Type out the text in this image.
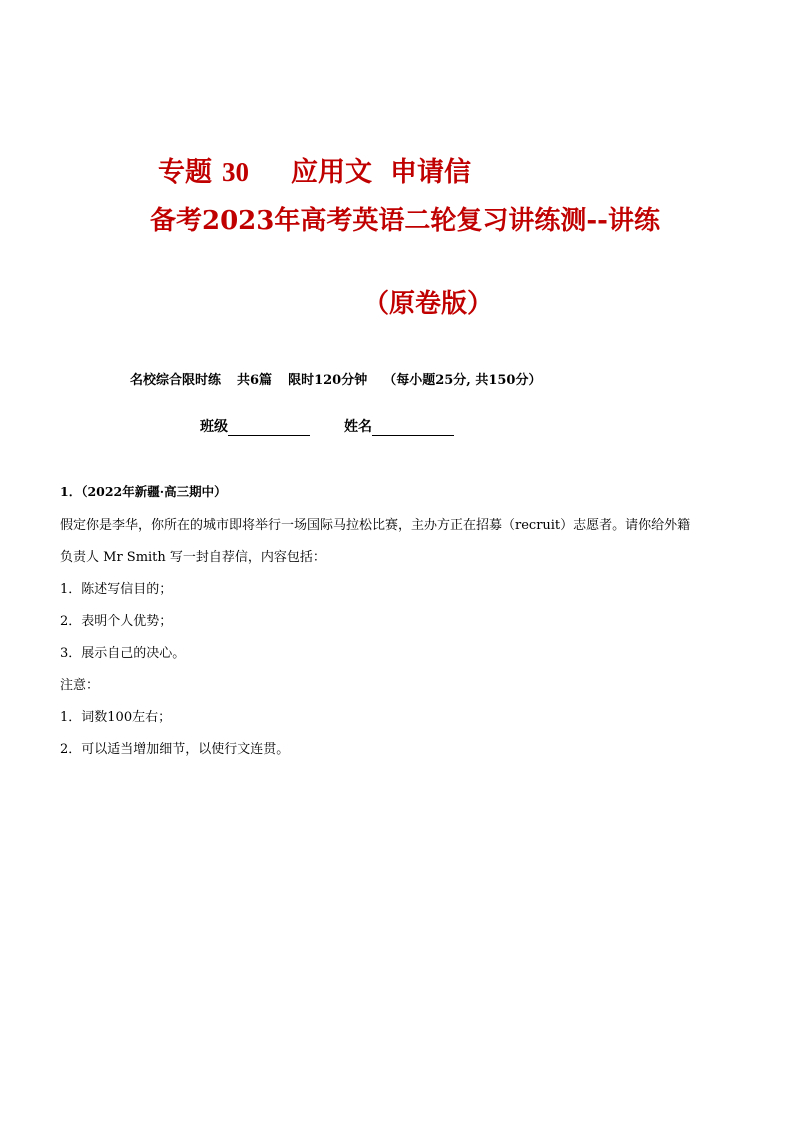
专题 30 应用文 申请信
备考2023年高考英语二轮复习讲练测--讲练
（原卷版）
名校综合限时练 共6篇 限时120分钟 （每小题25分, 共150分）
班级	姓名
1．（2022年新疆·高三期中）

假定你是李华，你所在的城市即将举行一场国际马拉松比赛，主办方正在招募（recruit）志愿者。请你给外籍

负责人 Mr Smith 写一封自荐信，内容包括：

1．陈述写信目的；

2．表明个人优势；

3．展示自己的决心。

注意：

1．词数100左右；

2．可以适当增加细节，以使行文连贯。
